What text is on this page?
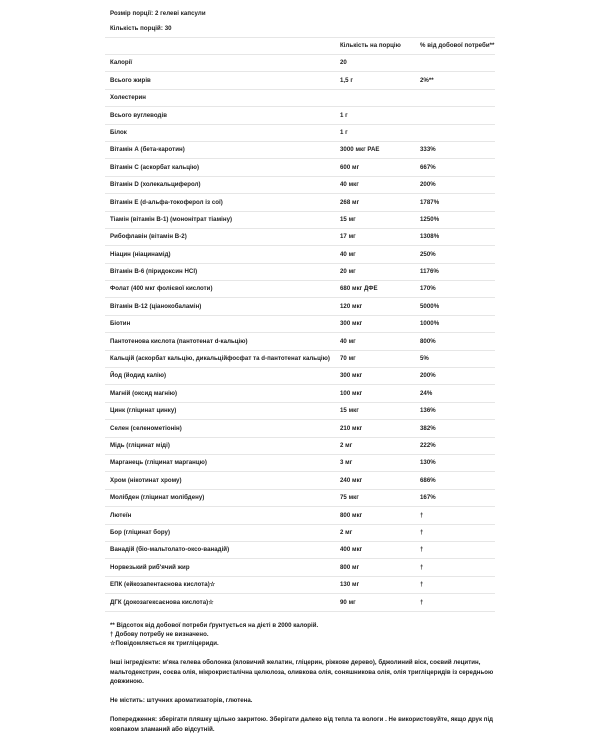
Розмір порції: 2 гелеві капсули
Кількість порцій: 30
	Кількість на порцію	% від добової потреби**
Калорії	20	
Всього жирів	1,5 г	2%**
Холестерин		
Всього вуглеводів	1 г	
Білок	1 г	
Вітамін А (бета-каротин)	3000 мкг РАЕ	333%
Вітамін C (аскорбат кальцію)	600 мг	667%
Вітамін D (холекальциферол)	40 мкг	200%
Вітамін Е (d-альфа-токоферол із сої)	268 мг	1787%
Тіамін (вітамін B-1) (мононітрат тіаміну)	15 мг	1250%
Рибофлавін (вітамін B-2)	17 мг	1308%
Ніацин (ніацинамід)	40 мг	250%
Вітамін B-6 (піридоксин HCI)	20 мг	1176%
Фолат (400 мкг фолієвої кислоти)	680 мкг ДФЕ	170%
Вітамін B-12 (ціанокобаламін)	120 мкг	5000%
Біотин	300 мкг	1000%
Пантотенова кислота (пантотенат d-кальцію)	40 мг	800%
Кальцій (аскорбат кальцію, дикальційфосфат та d-пантотенат кальцію)	70 мг	5%
Йод (йодид калію)	300 мкг	200%
Магній (оксид магнію)	100 мкг	24%
Цинк (гліцинат цинку)	15 мкг	136%
Селен (селенометіонін)	210 мкг	382%
Мідь (гліцинат міді)	2 мг	222%
Марганець (гліцинат марганцю)	3 мг	130%
Хром (нікотинат хрому)	240 мкг	686%
Молібден (гліцинат молібдену)	75 мкг	167%
Лютеїн	800 мкг	†
Бор (гліцинат бору)	2 мг	†
Ванадій (біо-мальтолато-оксо-ванадій)	400 мкг	†
Норвезький риб'ячий жир	800 мг	†
ЕПК (ейкозапентаєнова кислота)☆	130 мг	†
ДГК (докозагексаєнова кислота)☆	90 мг	†
** Відсоток від добової потреби ґрунтується на дієті в 2000 калорій.
† Добову потребу не визначено.
☆Повідомляється як тригліцериди.
Інші інгредієнти: м'яка гелева оболонка (яловичий желатин, гліцерин, ріжкове дерево), бджолиний віск, соєвий лецитин, мальтодекстрин, соєва олія, мікрокристалічна целюлоза, оливкова олія, соняшникова олія, олія тригліцеридів із середньою довжиною.
Не містить: штучних ароматизаторів, глютена.
Попередження: зберігати пляшку щільно закритою. Зберігати далеко від тепла та вологи . Не використовуйте, якщо друк під ковпаком зламаний або відсутній.
